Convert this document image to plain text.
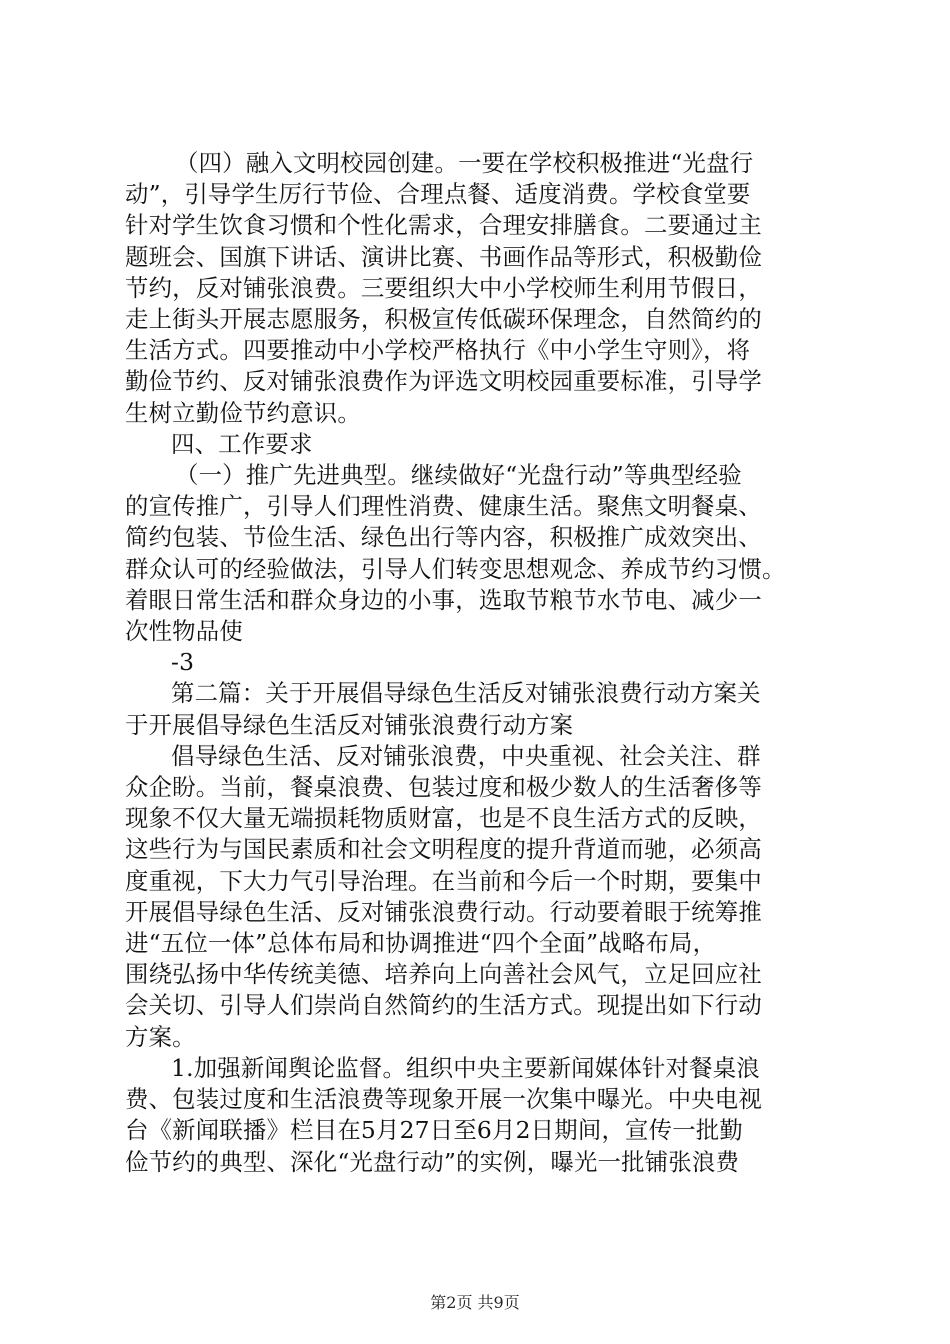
（四）融入文明校园创建。一要在学校积极推进“光盘行
动”，引导学生厉行节俭、合理点餐、适度消费。学校食堂要
针对学生饮食习惯和个性化需求，合理安排膳食。二要通过主
题班会、国旗下讲话、演讲比赛、书画作品等形式，积极勤俭
节约，反对铺张浪费。三要组织大中小学校师生利用节假日，
走上街头开展志愿服务，积极宣传低碳环保理念，自然简约的
生活方式。四要推动中小学校严格执行《中小学生守则》，将
勤俭节约、反对铺张浪费作为评选文明校园重要标准，引导学
生树立勤俭节约意识。
四、工作要求
（一）推广先进典型。继续做好“光盘行动”等典型经验
的宣传推广，引导人们理性消费、健康生活。聚焦文明餐桌、
简约包装、节俭生活、绿色出行等内容，积极推广成效突出、
群众认可的经验做法，引导人们转变思想观念、养成节约习惯。
着眼日常生活和群众身边的小事，选取节粮节水节电、减少一
次性物品使
-3
第二篇：关于开展倡导绿色生活反对铺张浪费行动方案关
于开展倡导绿色生活反对铺张浪费行动方案
倡导绿色生活、反对铺张浪费，中央重视、社会关注、群
众企盼。当前，餐桌浪费、包装过度和极少数人的生活奢侈等
现象不仅大量无端损耗物质财富，也是不良生活方式的反映，
这些行为与国民素质和社会文明程度的提升背道而驰，必须高
度重视，下大力气引导治理。在当前和今后一个时期，要集中
开展倡导绿色生活、反对铺张浪费行动。行动要着眼于统筹推
进“五位一体”总体布局和协调推进“四个全面”战略布局，
围绕弘扬中华传统美德、培养向上向善社会风气，立足回应社
会关切、引导人们崇尚自然简约的生活方式。现提出如下行动
方案。
1.加强新闻舆论监督。组织中央主要新闻媒体针对餐桌浪
费、包装过度和生活浪费等现象开展一次集中曝光。中央电视
台《新闻联播》栏目在5月27日至6月2日期间，宣传一批勤
俭节约的典型、深化“光盘行动”的实例，曝光一批铺张浪费
第2页 共9页
